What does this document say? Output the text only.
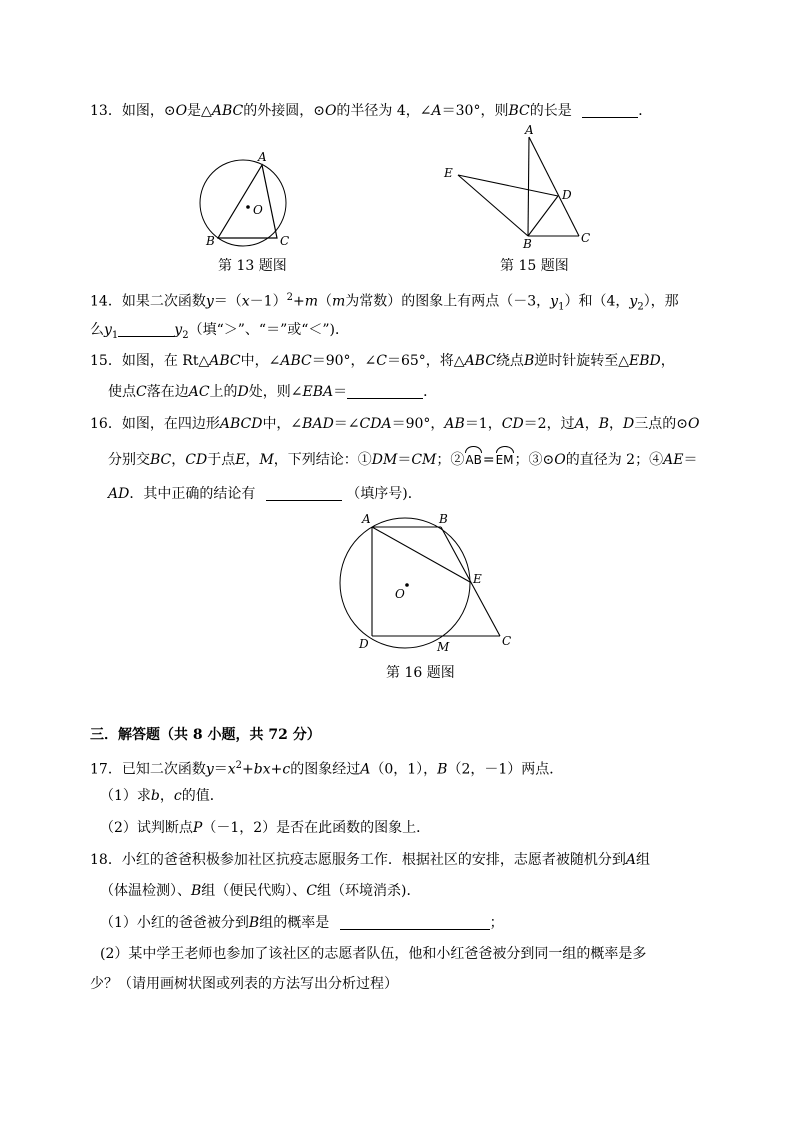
13．如图，⊙O是△ABC的外接圆，⊙O的半径为 4，∠A＝30°，则BC的长是	．
A
O
B	C
第 13 题图
A
E
D
B	C
第 15 题图
14．如果二次函数$y=(x-1)^2+m(m$为常数）的图象上有两点（－3，$y_1$）和（4，$y_2$），那
么$y_1$	$y_2$（填“＞”、“＝”或“＜”)．
15．如图，在 Rt△ABC中，∠ABC＝90°，∠C＝65°，将△ABC绕点B逆时针旋转至△EBD，
使点C落在边AC上的D处，则∠EBA＝	．
16．如图，在四边形ABCD中，∠BAD＝∠CDA＝90°，AB＝1，CD＝2，过A，B，D三点的⊙O
分别交BC，CD于点E，M，下列结论：①DM＝CM；②AB=EM；③⊙O的直径为 2；④AE＝
AD．其中正确的结论有	（填序号)．
A	B
E
O
D	M	C
第 16 题图
三．解答题（共 8 小题，共 72 分）
17．已知二次函数$y=x^2+bx+c$的图象经过A（0，1），B（2，－1）两点．
（1）求b，c的值．
（2）试判断点P（－1，2）是否在此函数的图象上．
18．小红的爸爸积极参加社区抗疫志愿服务工作．根据社区的安排，志愿者被随机分到A组
（体温检测）、B组（便民代购）、C组（环境消杀)．
（1）小红的爸爸被分到B组的概率是	；
(2）某中学王老师也参加了该社区的志愿者队伍，他和小红爸爸被分到同一组的概率是多
少？（请用画树状图或列表的方法写出分析过程）
